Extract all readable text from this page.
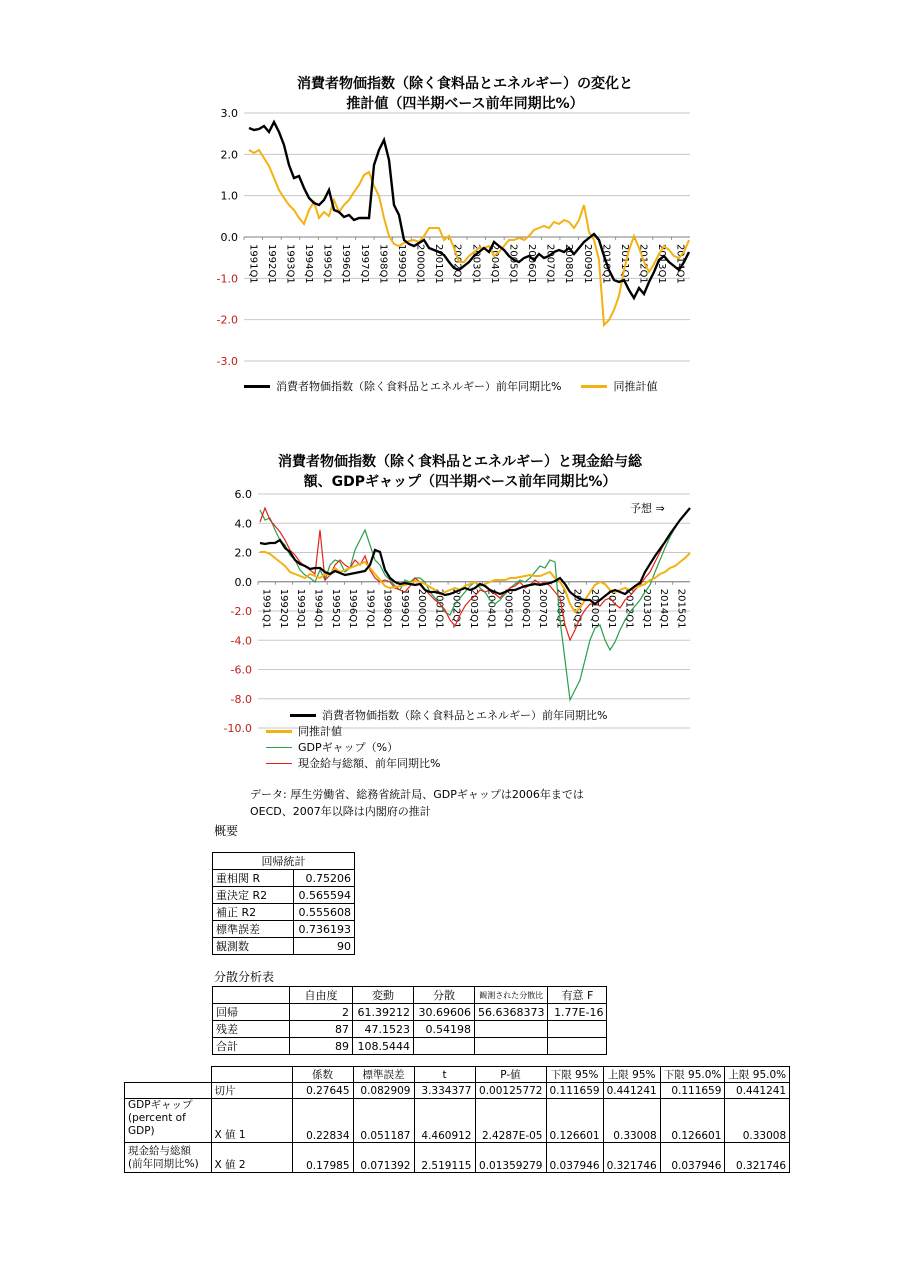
消費者物価指数（除く食料品とエネルギー）の変化と
推計値（四半期ベース前年同期比%）
3.0
2.0
1.0
0.0
-1.0
-2.0
-3.0
1991Q1 1992Q1 1993Q1 1994Q1 1995Q1 1996Q1 1997Q1 1998Q1 1999Q1 2000Q1 2001Q1 2002Q1 2003Q1 2004Q1 2005Q1 2006Q1 2007Q1 2008Q1 2009Q1 2010Q1 2011Q1 2012Q1 2013Q1 2014Q1
消費者物価指数（除く食料品とエネルギー）前年同期比%	同推計値
消費者物価指数（除く食料品とエネルギー）と現金給与総
額、GDPギャップ（四半期ベース前年同期比%）
6.0
4.0
2.0
0.0
-2.0
-4.0
-6.0
-8.0
-10.0
1991Q1 1992Q1 1993Q1 1994Q1 1995Q1 1996Q1 1997Q1 1998Q1 1999Q1 2000Q1 2001Q1 2002Q1 2003Q1 2004Q1 2005Q1 2006Q1 2007Q1 2008Q1 2009Q1 2010Q1 2011Q1 2012Q1 2013Q1 2014Q1 2015Q1
予想 ⇒
消費者物価指数（除く食料品とエネルギー）前年同期比%
同推計値
GDPギャップ（%）
現金給与総額、前年同期比%
データ: 厚生労働省、総務省統計局、GDPギャップは2006年までは
OECD、2007年以降は内閣府の推計
概要
回帰統計	
重相関 R	0.75206
重決定 R2	0.565594
補正 R2	0.555608
標準誤差	0.736193
観測数	90
分散分析表
	自由度	変動	分散	観測された分散比	有意 F
回帰	2	61.39212	30.69606	56.6368373	1.77E-16
残差	87	47.1523	0.54198		
合計	89	108.5444			
		係数	標準誤差	t	P-値	下限 95%	上限 95%	下限 95.0%	上限 95.0%
	切片	0.27645	0.082909	3.334377	0.00125772	0.111659	0.441241	0.111659	0.441241
GDPギャップ (percent of GDP)	X 値 1	0.22834	0.051187	4.460912	2.4287E-05	0.126601	0.33008	0.126601	0.33008
現金給与総額 (前年同期比%)	X 値 2	0.17985	0.071392	2.519115	0.01359279	0.037946	0.321746	0.037946	0.321746
